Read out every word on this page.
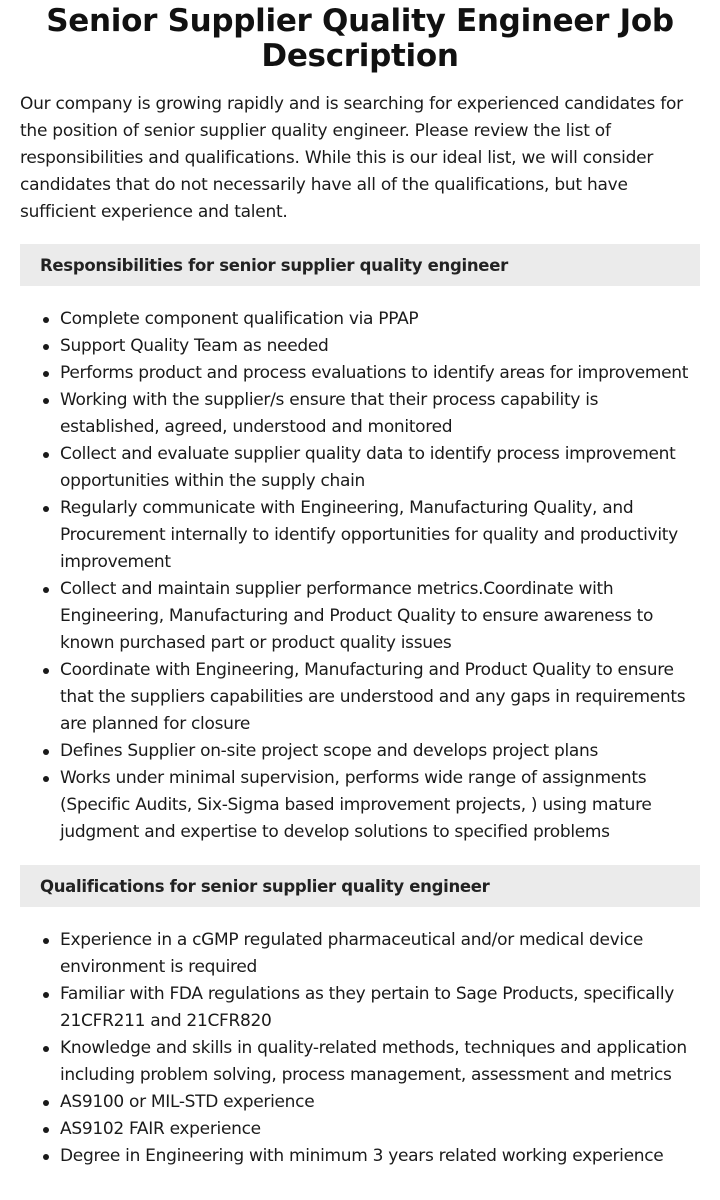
Senior Supplier Quality Engineer Job Description

Our company is growing rapidly and is searching for experienced candidates for the position of senior supplier quality engineer. Please review the list of responsibilities and qualifications. While this is our ideal list, we will consider candidates that do not necessarily have all of the qualifications, but have sufficient experience and talent.

Responsibilities for senior supplier quality engineer
Complete component qualification via PPAP
Support Quality Team as needed
Performs product and process evaluations to identify areas for improvement
Working with the supplier/s ensure that their process capability is established, agreed, understood and monitored
Collect and evaluate supplier quality data to identify process improvement opportunities within the supply chain
Regularly communicate with Engineering, Manufacturing Quality, and Procurement internally to identify opportunities for quality and productivity improvement
Collect and maintain supplier performance metrics.Coordinate with Engineering, Manufacturing and Product Quality to ensure awareness to known purchased part or product quality issues
Coordinate with Engineering, Manufacturing and Product Quality to ensure that the suppliers capabilities are understood and any gaps in requirements are planned for closure
Defines Supplier on-site project scope and develops project plans
Works under minimal supervision, performs wide range of assignments (Specific Audits, Six-Sigma based improvement projects, ) using mature judgment and expertise to develop solutions to specified problems
Qualifications for senior supplier quality engineer
Experience in a cGMP regulated pharmaceutical and/or medical device environment is required
Familiar with FDA regulations as they pertain to Sage Products, specifically 21CFR211 and 21CFR820
Knowledge and skills in quality-related methods, techniques and application including problem solving, process management, assessment and metrics
AS9100 or MIL-STD experience
AS9102 FAIR experience
Degree in Engineering with minimum 3 years related working experience
